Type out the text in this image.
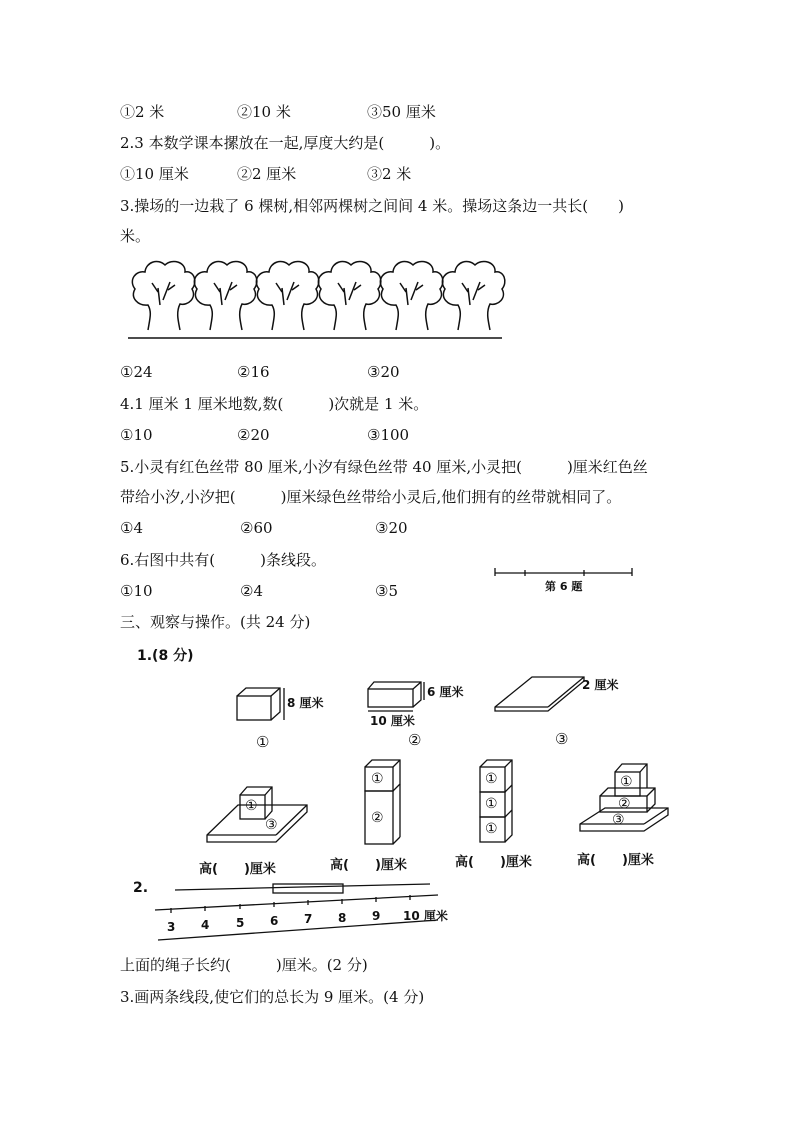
①2 米	②10 米	③50 厘米
2.3 本数学课本摞放在一起,厚度大约是(　　　)。
①10 厘米	②2 厘米	③2 米
3.操场的一边栽了 6 棵树,相邻两棵树之间间 4 米。操场这条边一共长(　　)
米。
①24	②16	③20
4.1 厘米 1 厘米地数,数(　　　)次就是 1 米。
①10	②20	③100
5.小灵有红色丝带 80 厘米,小汐有绿色丝带 40 厘米,小灵把(　　　)厘米红色丝
带给小汐,小汐把(　　　)厘米绿色丝带给小灵后,他们拥有的丝带就相同了。
①4	②60	③20
6.右图中共有(　　　)条线段。
①10	②4	③5	第 6 题
三、观察与操作。(共 24 分)
1.(8 分)
8 厘米
6 厘米
10 厘米
2 厘米
①	②	③
①
③
①
②
①
①
①
①
②
③
高(　　)厘米	高(　　)厘米	高(　　)厘米	高(　　)厘米
2.
3 4 5 6 7 8 9 10 厘米
上面的绳子长约(　　　)厘米。(2 分)
3.画两条线段,使它们的总长为 9 厘米。(4 分)
